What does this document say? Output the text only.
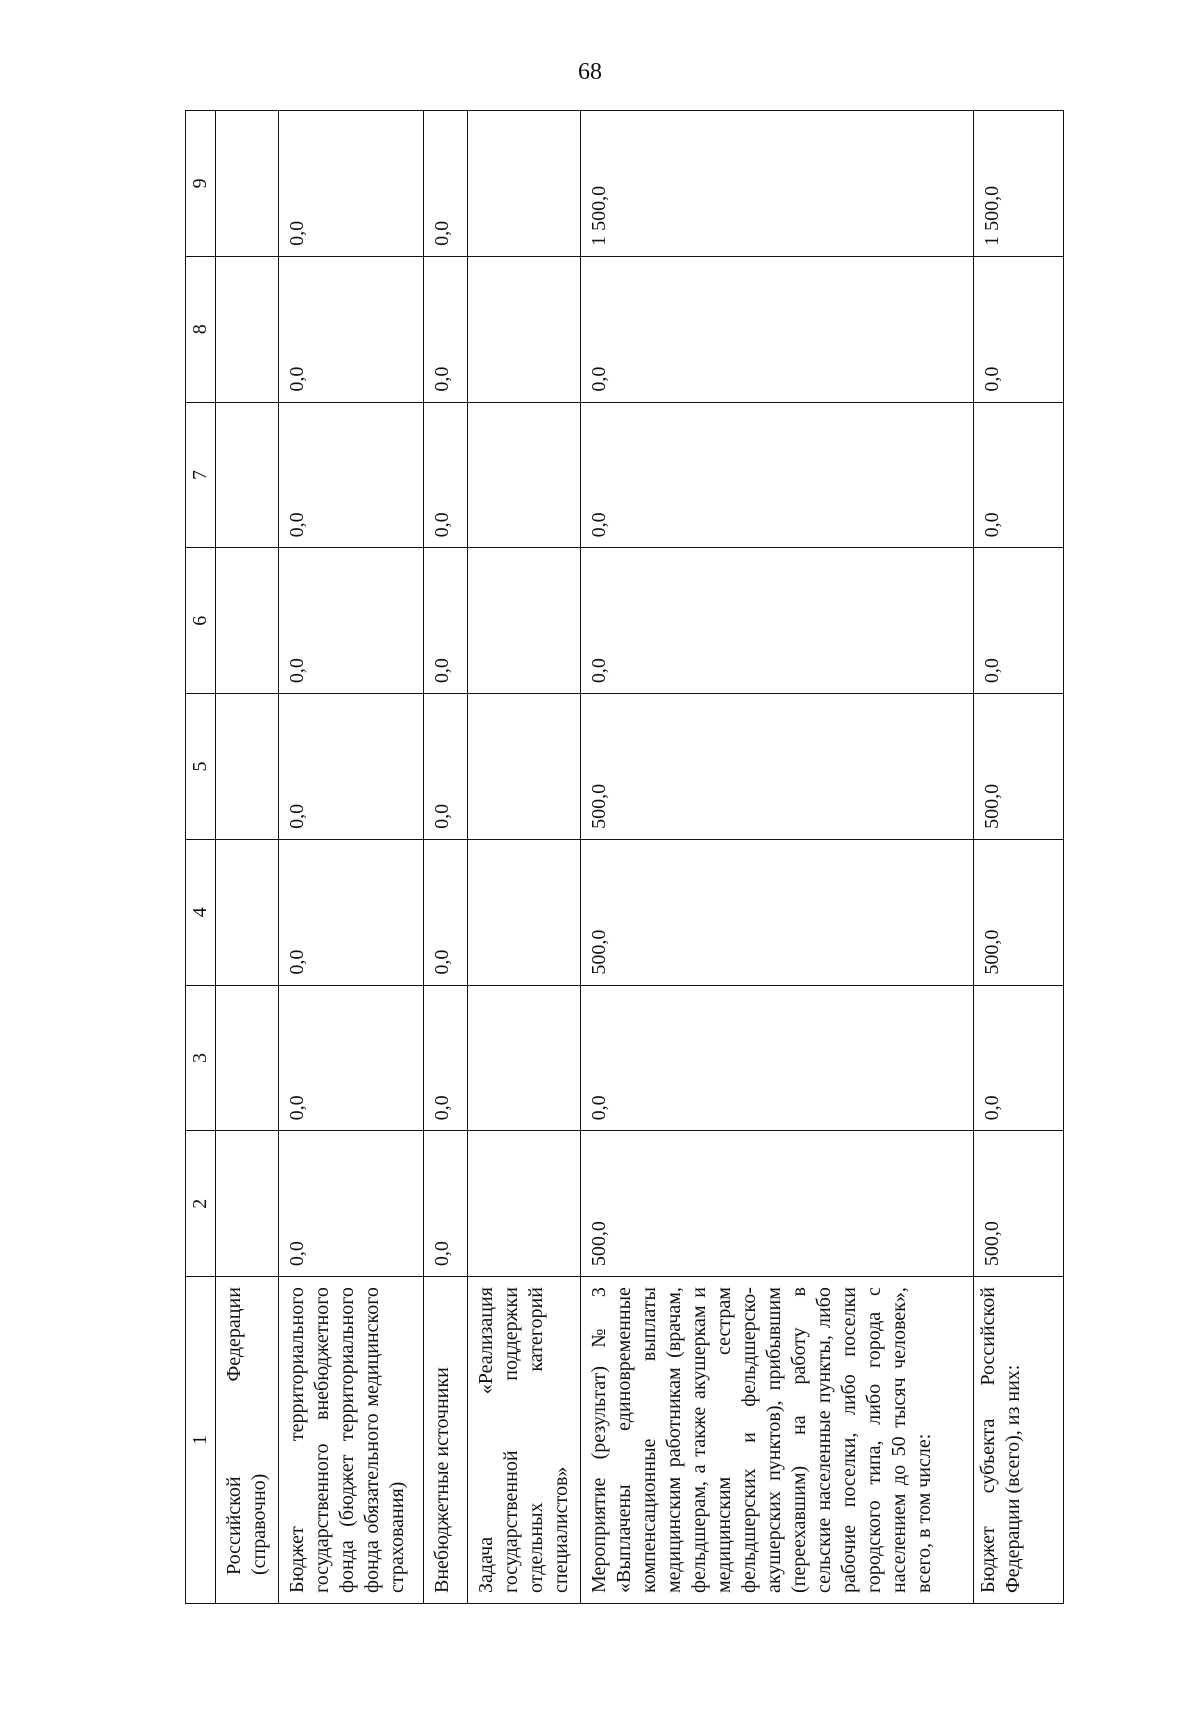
68
1	2	3	4	5	6	7	8	9
Российской Федерации (справочно)								
Бюджет территориального государственного внебюджетного фонда (бюджет территориального фонда обязательного медицинского страхования)	0,0	0,0	0,0	0,0	0,0	0,0	0,0	0,0
Внебюджетные источники	0,0	0,0	0,0	0,0	0,0	0,0	0,0	0,0
Задача «Реализация государственной поддержки отдельных категорий специалистов»								
Мероприятие (результат) № 3 «Выплачены единовременные компенсационные выплаты медицинским работникам (врачам, фельдшерам, а также акушеркам и медицинским сестрам фельдшерских и фельдшерско-акушерских пунктов), прибывшим (переехавшим) на работу в сельские населенные пункты, либо рабочие поселки, либо поселки городского типа, либо города с населением до 50 тысяч человек», всего, в том числе:	500,0	0,0	500,0	500,0	0,0	0,0	0,0	1 500,0
Бюджет субъекта Российской Федерации (всего), из них:	500,0	0,0	500,0	500,0	0,0	0,0	0,0	1 500,0
